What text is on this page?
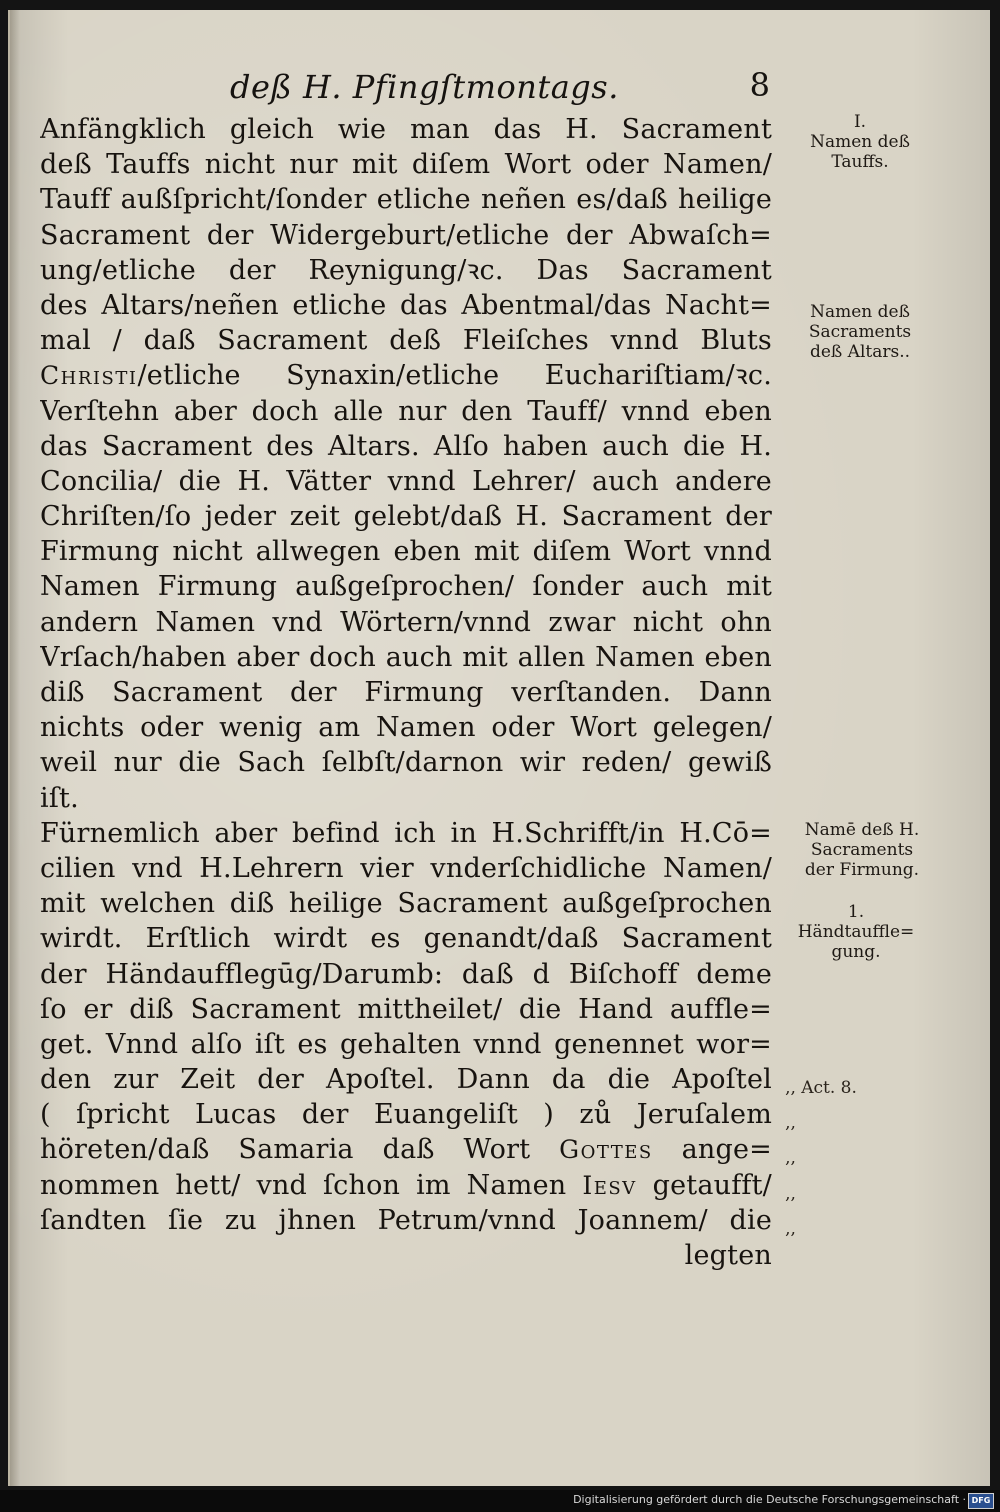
deß H. Pfingſtmontags.	8
Anfängklich gleich wie man das H. Sacrament
deß Tauffs nicht nur mit diſem Wort oder Namen/
Tauff außſpricht/ſonder etliche neñen es/daß heilige
Sacrament der Widergeburt/etliche der Abwaſch=
ung/etliche der Reynigung/ꝛc. Das Sacrament
des Altars/neñen etliche das Abentmal/das Nacht=
mal / daß Sacrament deß Fleiſches vnnd Bluts
Christi/etliche Synaxin/etliche Euchariſtiam/ꝛc.
Verſtehn aber doch alle nur den Tauff/ vnnd eben
das Sacrament des Altars. Alſo haben auch die H.
Concilia/ die H. Vätter vnnd Lehrer/ auch andere
Chriſten/ſo jeder zeit gelebt/daß H. Sacrament der
Firmung nicht allwegen eben mit diſem Wort vnnd
Namen Firmung außgeſprochen/ ſonder auch mit
andern Namen vnd Wörtern/vnnd zwar nicht ohn
Vrſach/haben aber doch auch mit allen Namen eben
diß Sacrament der Firmung verſtanden. Dann
nichts oder wenig am Namen oder Wort gelegen/
weil nur die Sach ſelbſt/darnon wir reden/ gewiß
iſt.
Fürnemlich aber befind ich in H.Schrifft/in H.Cō=
cilien vnd H.Lehrern vier vnderſchidliche Namen/
mit welchen diß heilige Sacrament außgeſprochen
wirdt. Erſtlich wirdt es genandt/daß Sacrament
der Händaufflegūg/Darumb: daß d Biſchoff deme
ſo er diß Sacrament mittheilet/ die Hand auffle=
get. Vnnd alſo iſt es gehalten vnnd genennet wor=
den zur Zeit der Apoſtel. Dann da die Apoſtel
( ſpricht Lucas der Euangeliſt ) zů Jeruſalem
höreten/daß Samaria daß Wort Gottes ange=
nommen hett/ vnd ſchon im Namen Iesv getaufft/
ſandten ſie zu jhnen Petrum/vnnd Joannem/ die
legten
I.
Namen deß
Tauffs.
Namen deß
Sacraments
deß Altars..
Namē deß H.
Sacraments
der Firmung.
1.
Händtauffle=
gung.
‚‚ Act. 8.
‚‚
‚‚
‚‚
‚‚
Digitalisierung gefördert durch die Deutsche Forschungsgemeinschaft · DFG
